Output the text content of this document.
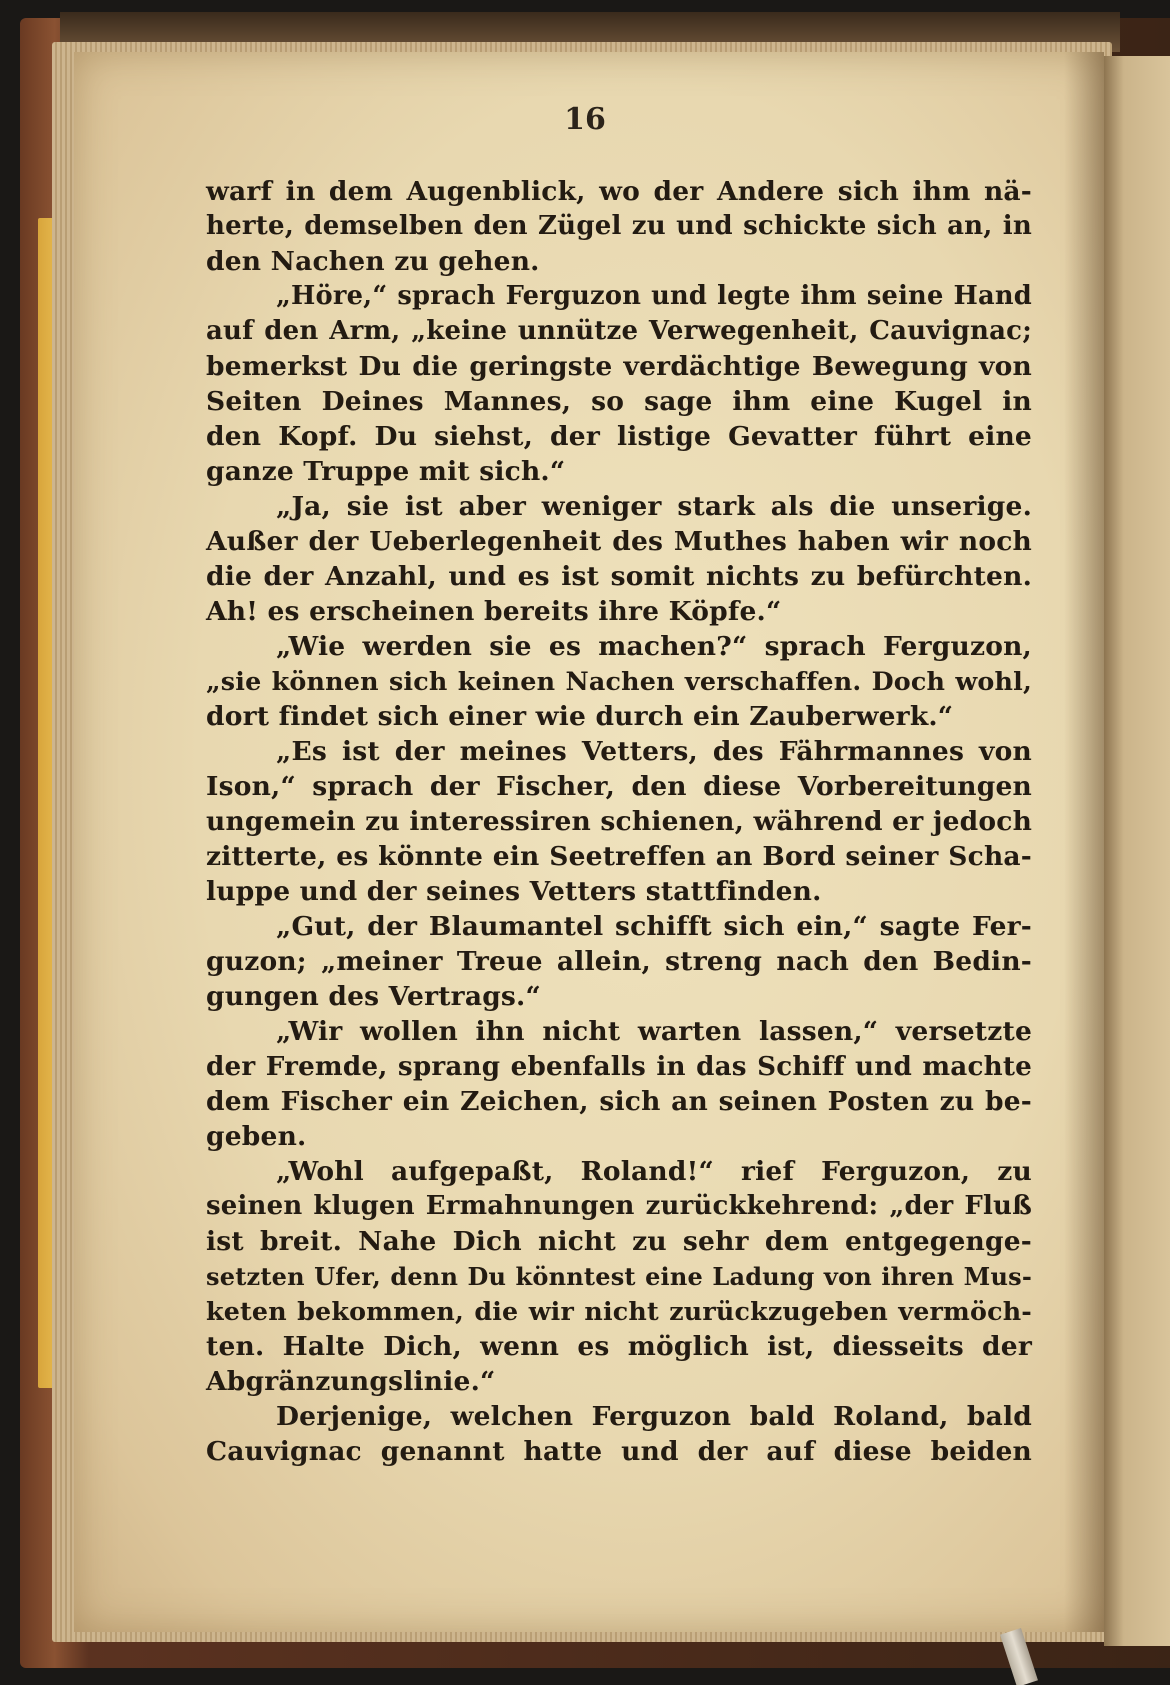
16
warf in dem Augenblick, wo der Andere sich ihm nä-
herte, demselben den Zügel zu und schickte sich an, in
den Nachen zu gehen.
„Höre,“ sprach Ferguzon und legte ihm seine Hand
auf den Arm, „keine unnütze Verwegenheit, Cauvignac;
bemerkst Du die geringste verdächtige Bewegung von
Seiten Deines Mannes, so sage ihm eine Kugel in
den Kopf. Du siehst, der listige Gevatter führt eine
ganze Truppe mit sich.“
„Ja, sie ist aber weniger stark als die unserige.
Außer der Ueberlegenheit des Muthes haben wir noch
die der Anzahl, und es ist somit nichts zu befürchten.
Ah! es erscheinen bereits ihre Köpfe.“
„Wie werden sie es machen?“ sprach Ferguzon,
„sie können sich keinen Nachen verschaffen. Doch wohl,
dort findet sich einer wie durch ein Zauberwerk.“
„Es ist der meines Vetters, des Fährmannes von
Ison,“ sprach der Fischer, den diese Vorbereitungen
ungemein zu interessiren schienen, während er jedoch
zitterte, es könnte ein Seetreffen an Bord seiner Scha-
luppe und der seines Vetters stattfinden.
„Gut, der Blaumantel schifft sich ein,“ sagte Fer-
guzon; „meiner Treue allein, streng nach den Bedin-
gungen des Vertrags.“
„Wir wollen ihn nicht warten lassen,“ versetzte
der Fremde, sprang ebenfalls in das Schiff und machte
dem Fischer ein Zeichen, sich an seinen Posten zu be-
geben.
„Wohl aufgepaßt, Roland!“ rief Ferguzon, zu
seinen klugen Ermahnungen zurückkehrend: „der Fluß
ist breit. Nahe Dich nicht zu sehr dem entgegenge-
setzten Ufer, denn Du könntest eine Ladung von ihren Mus-
keten bekommen, die wir nicht zurückzugeben vermöch-
ten. Halte Dich, wenn es möglich ist, diesseits der
Abgränzungslinie.“
Derjenige, welchen Ferguzon bald Roland, bald
Cauvignac genannt hatte und der auf diese beiden
